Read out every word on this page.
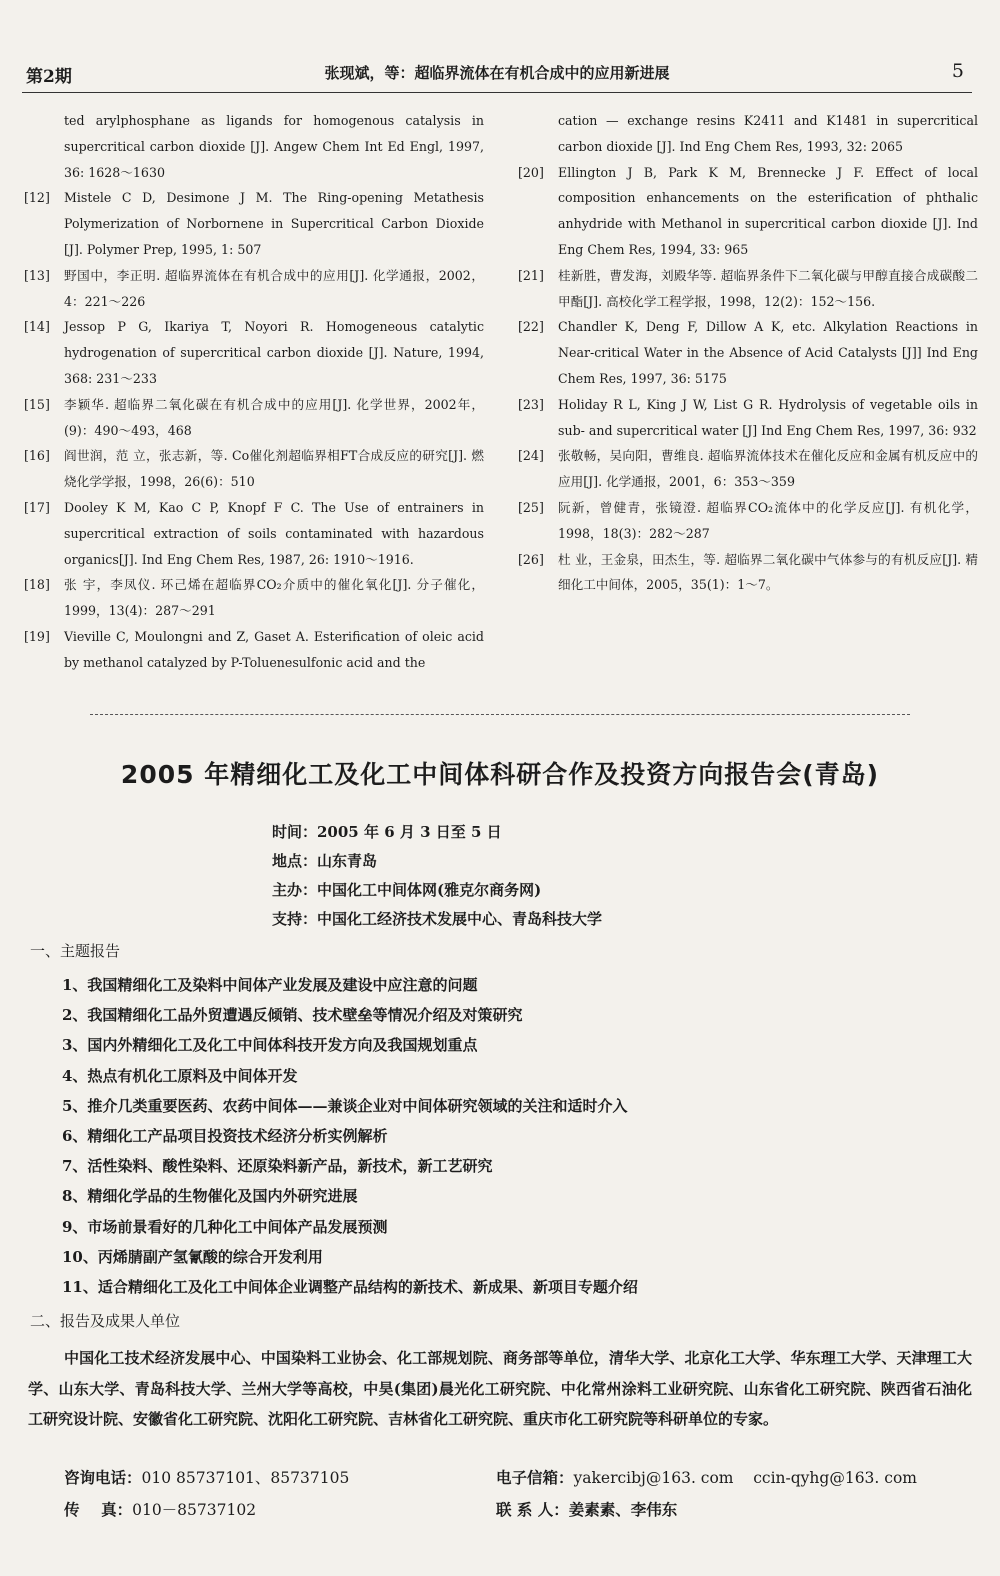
第2期	张现斌，等：超临界流体在有机合成中的应用新进展	5
ted arylphosphane as ligands for homogenous catalysis in supercritical carbon dioxide [J]. Angew Chem Int Ed Engl, 1997, 36: 1628～1630
[12]	Mistele C D, Desimone J M. The Ring-opening Metathesis Polymerization of Norbornene in Supercritical Carbon Dioxide [J]. Polymer Prep, 1995, 1: 507
[13]	野国中，李正明. 超临界流体在有机合成中的应用[J]. 化学通报，2002，4：221～226
[14]	Jessop P G, Ikariya T, Noyori R. Homogeneous catalytic hydrogenation of supercritical carbon dioxide [J]. Nature, 1994, 368: 231～233
[15]	李颖华. 超临界二氧化碳在有机合成中的应用[J]. 化学世界，2002年，(9)：490～493，468
[16]	阎世润，范 立，张志新，等. Co催化剂超临界相FT合成反应的研究[J]. 燃烧化学学报，1998，26(6)：510
[17]	Dooley K M, Kao C P, Knopf F C. The Use of entrainers in supercritical extraction of soils contaminated with hazardous organics[J]. Ind Eng Chem Res, 1987, 26: 1910～1916.
[18]	张 宇，李凤仪. 环己烯在超临界CO₂介质中的催化氧化[J]. 分子催化，1999，13(4)：287～291
[19]	Vieville C, Moulongni and Z, Gaset A. Esterification of oleic acid by methanol catalyzed by P-Toluenesulfonic acid and the
cation — exchange resins K2411 and K1481 in supercritical carbon dioxide [J]. Ind Eng Chem Res, 1993, 32: 2065
[20]	Ellington J B, Park K M, Brennecke J F. Effect of local composition enhancements on the esterification of phthalic anhydride with Methanol in supercritical carbon dioxide [J]. Ind Eng Chem Res, 1994, 33: 965
[21]	桂新胜，曹发海，刘殿华等. 超临界条件下二氧化碳与甲醇直接合成碳酸二甲酯[J]. 高校化学工程学报，1998，12(2)：152～156.
[22]	Chandler K, Deng F, Dillow A K, etc. Alkylation Reactions in Near-critical Water in the Absence of Acid Catalysts [J]] Ind Eng Chem Res, 1997, 36: 5175
[23]	Holiday R L, King J W, List G R. Hydrolysis of vegetable oils in sub- and supercritical water [J] Ind Eng Chem Res, 1997, 36: 932
[24]	张敬畅，吴向阳，曹维良. 超临界流体技术在催化反应和金属有机反应中的应用[J]. 化学通报，2001，6：353～359
[25]	阮新，曾健青，张镜澄. 超临界CO₂流体中的化学反应[J]. 有机化学，1998，18(3)：282～287
[26]	杜 业，王金泉，田杰生，等. 超临界二氧化碳中气体参与的有机反应[J]. 精细化工中间体，2005，35(1)：1～7。
2005 年精细化工及化工中间体科研合作及投资方向报告会(青岛)
时间：2005 年 6 月 3 日至 5 日
地点：山东青岛
主办：中国化工中间体网(雅克尔商务网)
支持：中国化工经济技术发展中心、青岛科技大学
一、主题报告
1、我国精细化工及染料中间体产业发展及建设中应注意的问题
2、我国精细化工品外贸遭遇反倾销、技术壁垒等情况介绍及对策研究
3、国内外精细化工及化工中间体科技开发方向及我国规划重点
4、热点有机化工原料及中间体开发
5、推介几类重要医药、农药中间体——兼谈企业对中间体研究领域的关注和适时介入
6、精细化工产品项目投资技术经济分析实例解析
7、活性染料、酸性染料、还原染料新产品，新技术，新工艺研究
8、精细化学品的生物催化及国内外研究进展
9、市场前景看好的几种化工中间体产品发展预测
10、丙烯腈副产氢氰酸的综合开发利用
11、适合精细化工及化工中间体企业调整产品结构的新技术、新成果、新项目专题介绍
二、报告及成果人单位
中国化工技术经济发展中心、中国染料工业协会、化工部规划院、商务部等单位，清华大学、北京化工大学、华东理工大学、天津理工大学、山东大学、青岛科技大学、兰州大学等高校，中昊(集团)晨光化工研究院、中化常州涂料工业研究院、山东省化工研究院、陕西省石油化工研究设计院、安徽省化工研究院、沈阳化工研究院、吉林省化工研究院、重庆市化工研究院等科研单位的专家。
咨询电话：010 85737101、85737105
传    真：010－85737102
电子信箱：yakercibj@163. com    ccin-qyhg@163. com
联 系 人：姜素素、李伟东
